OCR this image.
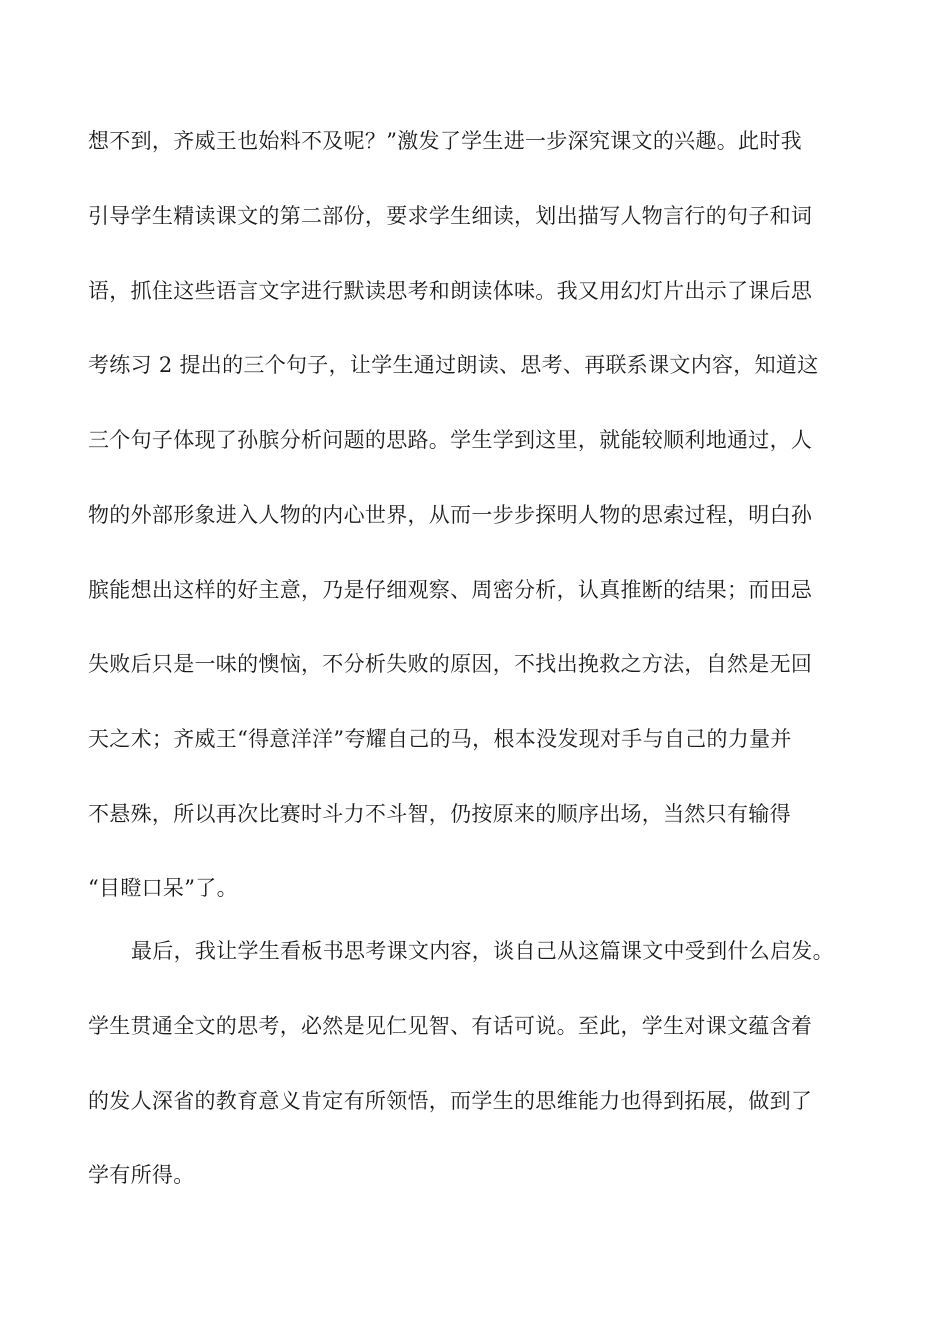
想不到，齐威王也始料不及呢？”激发了学生进一步深究课文的兴趣。此时我
引导学生精读课文的第二部份，要求学生细读，划出描写人物言行的句子和词
语，抓住这些语言文字进行默读思考和朗读体味。我又用幻灯片出示了课后思
考练习 2 提出的三个句子，让学生通过朗读、思考、再联系课文内容，知道这
三个句子体现了孙膑分析问题的思路。学生学到这里，就能较顺利地通过，人
物的外部形象进入人物的内心世界，从而一步步探明人物的思索过程，明白孙
膑能想出这样的好主意，乃是仔细观察、周密分析，认真推断的结果；而田忌
失败后只是一味的懊恼，不分析失败的原因，不找出挽救之方法，自然是无回
天之术；齐威王“得意洋洋”夸耀自己的马，根本没发现对手与自己的力量并
不悬殊，所以再次比赛时斗力不斗智，仍按原来的顺序出场，当然只有输得
“目瞪口呆”了。
最后，我让学生看板书思考课文内容，谈自己从这篇课文中受到什么启发。
学生贯通全文的思考，必然是见仁见智、有话可说。至此，学生对课文蕴含着
的发人深省的教育意义肯定有所领悟，而学生的思维能力也得到拓展，做到了
学有所得。
